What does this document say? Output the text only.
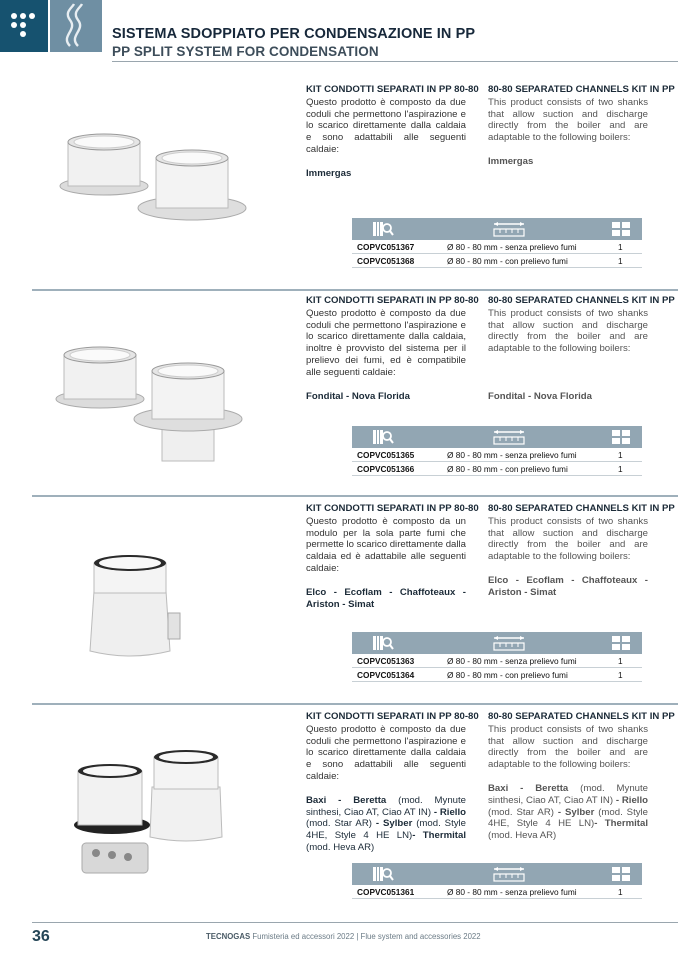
SISTEMA SDOPPIATO PER CONDENSAZIONE IN PP
PP SPLIT SYSTEM FOR CONDENSATION
KIT CONDOTTI SEPARATI IN PP 80-80

Questo prodotto è composto da due coduli che permettono l'aspirazione e lo scarico direttamente dalla caldaia e sono adattabili alle seguenti caldaie:

Immergas
80-80 SEPARATED CHANNELS KIT IN PP

This product consists of two shanks that allow suction and discharge directly from the boiler and are adaptable to the following boilers:

Immergas
COPVC051367	Ø 80 - 80 mm - senza prelievo fumi	1
COPVC051368	Ø 80 - 80 mm - con prelievo fumi	1
KIT CONDOTTI SEPARATI IN PP 80-80

Questo prodotto è composto da due coduli che permettono l'aspirazione e lo scarico direttamente dalla caldaia, inoltre è provvisto del sistema per il prelievo dei fumi, ed è compatibile alle seguenti caldaie:

Fondital - Nova Florida
80-80 SEPARATED CHANNELS KIT IN PP

This product consists of two shanks that allow suction and discharge directly from the boiler and are adaptable to the following boilers:

Fondital - Nova Florida
COPVC051365	Ø 80 - 80 mm - senza prelievo fumi	1
COPVC051366	Ø 80 - 80 mm - con prelievo fumi	1
KIT CONDOTTI SEPARATI IN PP 80-80

Questo prodotto è composto da un modulo per la sola parte fumi che permette lo scarico direttamente dalla caldaia ed è adattabile alle seguenti caldaie:

Elco - Ecoflam - Chaffoteaux - Ariston - Simat
80-80 SEPARATED CHANNELS KIT IN PP

This product consists of two shanks that allow suction and discharge directly from the boiler and are adaptable to the following boilers:

Elco - Ecoflam - Chaffoteaux - Ariston - Simat
COPVC051363	Ø 80 - 80 mm - senza prelievo fumi	1
COPVC051364	Ø 80 - 80 mm - con prelievo fumi	1
KIT CONDOTTI SEPARATI IN PP 80-80

Questo prodotto è composto da due coduli che permettono l'aspirazione e lo scarico direttamente dalla caldaia e sono adattabili alle seguenti caldaie:

Baxi - Beretta (mod. Mynute sinthesi, Ciao AT, Ciao AT IN) - Riello (mod. Star AR) - Sylber (mod. Style 4HE, Style 4 HE LN)- Thermital (mod. Heva AR)
80-80 SEPARATED CHANNELS KIT IN PP

This product consists of two shanks that allow suction and discharge directly from the boiler and are adaptable to the following boilers:

Baxi - Beretta (mod. Mynute sinthesi, Ciao AT, Ciao AT IN) - Riello (mod. Star AR) - Sylber (mod. Style 4HE, Style 4 HE LN)- Thermital (mod. Heva AR)
COPVC051361	Ø 80 - 80 mm - senza prelievo fumi	1
36	TECNOGAS Fumisteria ed accessori 2022 | Flue system and accessories 2022
